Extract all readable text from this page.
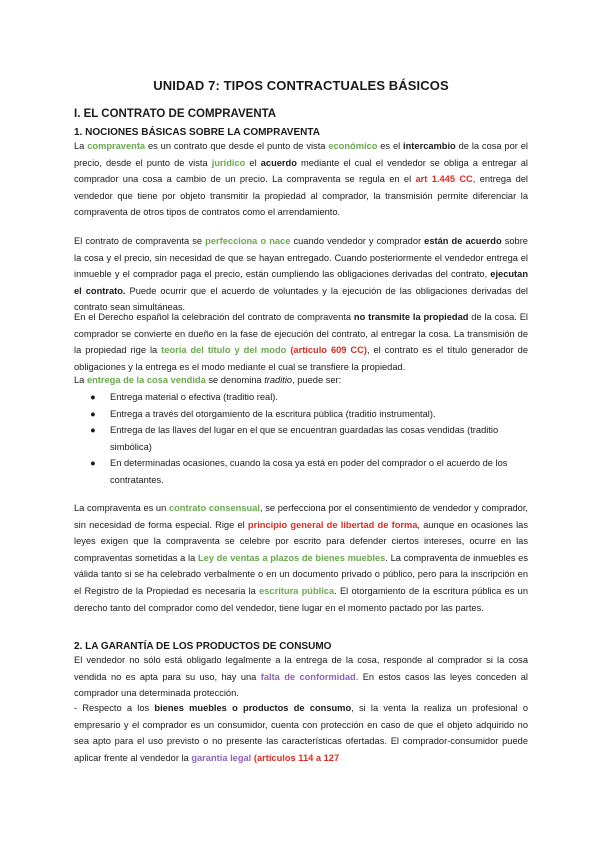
UNIDAD 7: TIPOS CONTRACTUALES BÁSICOS
I. EL CONTRATO DE COMPRAVENTA
1. NOCIONES BÁSICAS SOBRE LA COMPRAVENTA

La compraventa es un contrato que desde el punto de vista económico es el intercambio de la cosa por el precio, desde el punto de vista jurídico el acuerdo mediante el cual el vendedor se obliga a entregar al comprador una cosa a cambio de un precio. La compraventa se regula en el art 1.445 CC, entrega del vendedor que tiene por objeto transmitir la propiedad al comprador, la transmisión permite diferenciar la compraventa de otros tipos de contratos como el arrendamiento.

El contrato de compraventa se perfecciona o nace cuando vendedor y comprador están de acuerdo sobre la cosa y el precio, sin necesidad de que se hayan entregado. Cuando posteriormente el vendedor entrega el inmueble y el comprador paga el precio, están cumpliendo las obligaciones derivadas del contrato, ejecutan el contrato. Puede ocurrir que el acuerdo de voluntades y la ejecución de las obligaciones derivadas del contrato sean simultáneas.

En el Derecho español la celebración del contrato de compraventa no transmite la propiedad de la cosa. El comprador se convierte en dueño en la fase de ejecución del contrato, al entregar la cosa. La transmisión de la propiedad rige la teoría del título y del modo (artículo 609 CC), el contrato es el título generador de obligaciones y la entrega es el modo mediante el cual se transfiere la propiedad.

La entrega de la cosa vendida se denomina traditio, puede ser:

● Entrega material o efectiva (traditio real).
● Entrega a través del otorgamiento de la escritura pública (traditio instrumental).
● Entrega de las llaves del lugar en el que se encuentran guardadas las cosas vendidas (traditio simbólica)
● En determinadas ocasiones, cuando la cosa ya está en poder del comprador o el acuerdo de los contratantes.

La compraventa es un contrato consensual, se perfecciona por el consentimiento de vendedor y comprador, sin necesidad de forma especial. Rige el principio general de libertad de forma, aunque en ocasiones las leyes exigen que la compraventa se celebre por escrito para defender ciertos intereses, ocurre en las compraventas sometidas a la Ley de ventas a plazos de bienes muebles. La compraventa de inmuebles es válida tanto si se ha celebrado verbalmente o en un documento privado o público, pero para la inscripción en el Registro de la Propiedad es necesaria la escritura pública. El otorgamiento de la escritura pública es un derecho tanto del comprador como del vendedor, tiene lugar en el momento pactado por las partes.

2. LA GARANTÍA DE LOS PRODUCTOS DE CONSUMO

El vendedor no sólo está obligado legalmente a la entrega de la cosa, responde al comprador si la cosa vendida no es apta para su uso, hay una falta de conformidad. En estos casos las leyes conceden al comprador una determinada protección.

- Respecto a los bienes muebles o productos de consumo, si la venta la realiza un profesional o empresario y el comprador es un consumidor, cuenta con protección en caso de que el objeto adquirido no sea apto para el uso previsto o no presente las características ofertadas. El comprador-consumidor puede aplicar frente al vendedor la garantía legal (artículos 114 a 127
